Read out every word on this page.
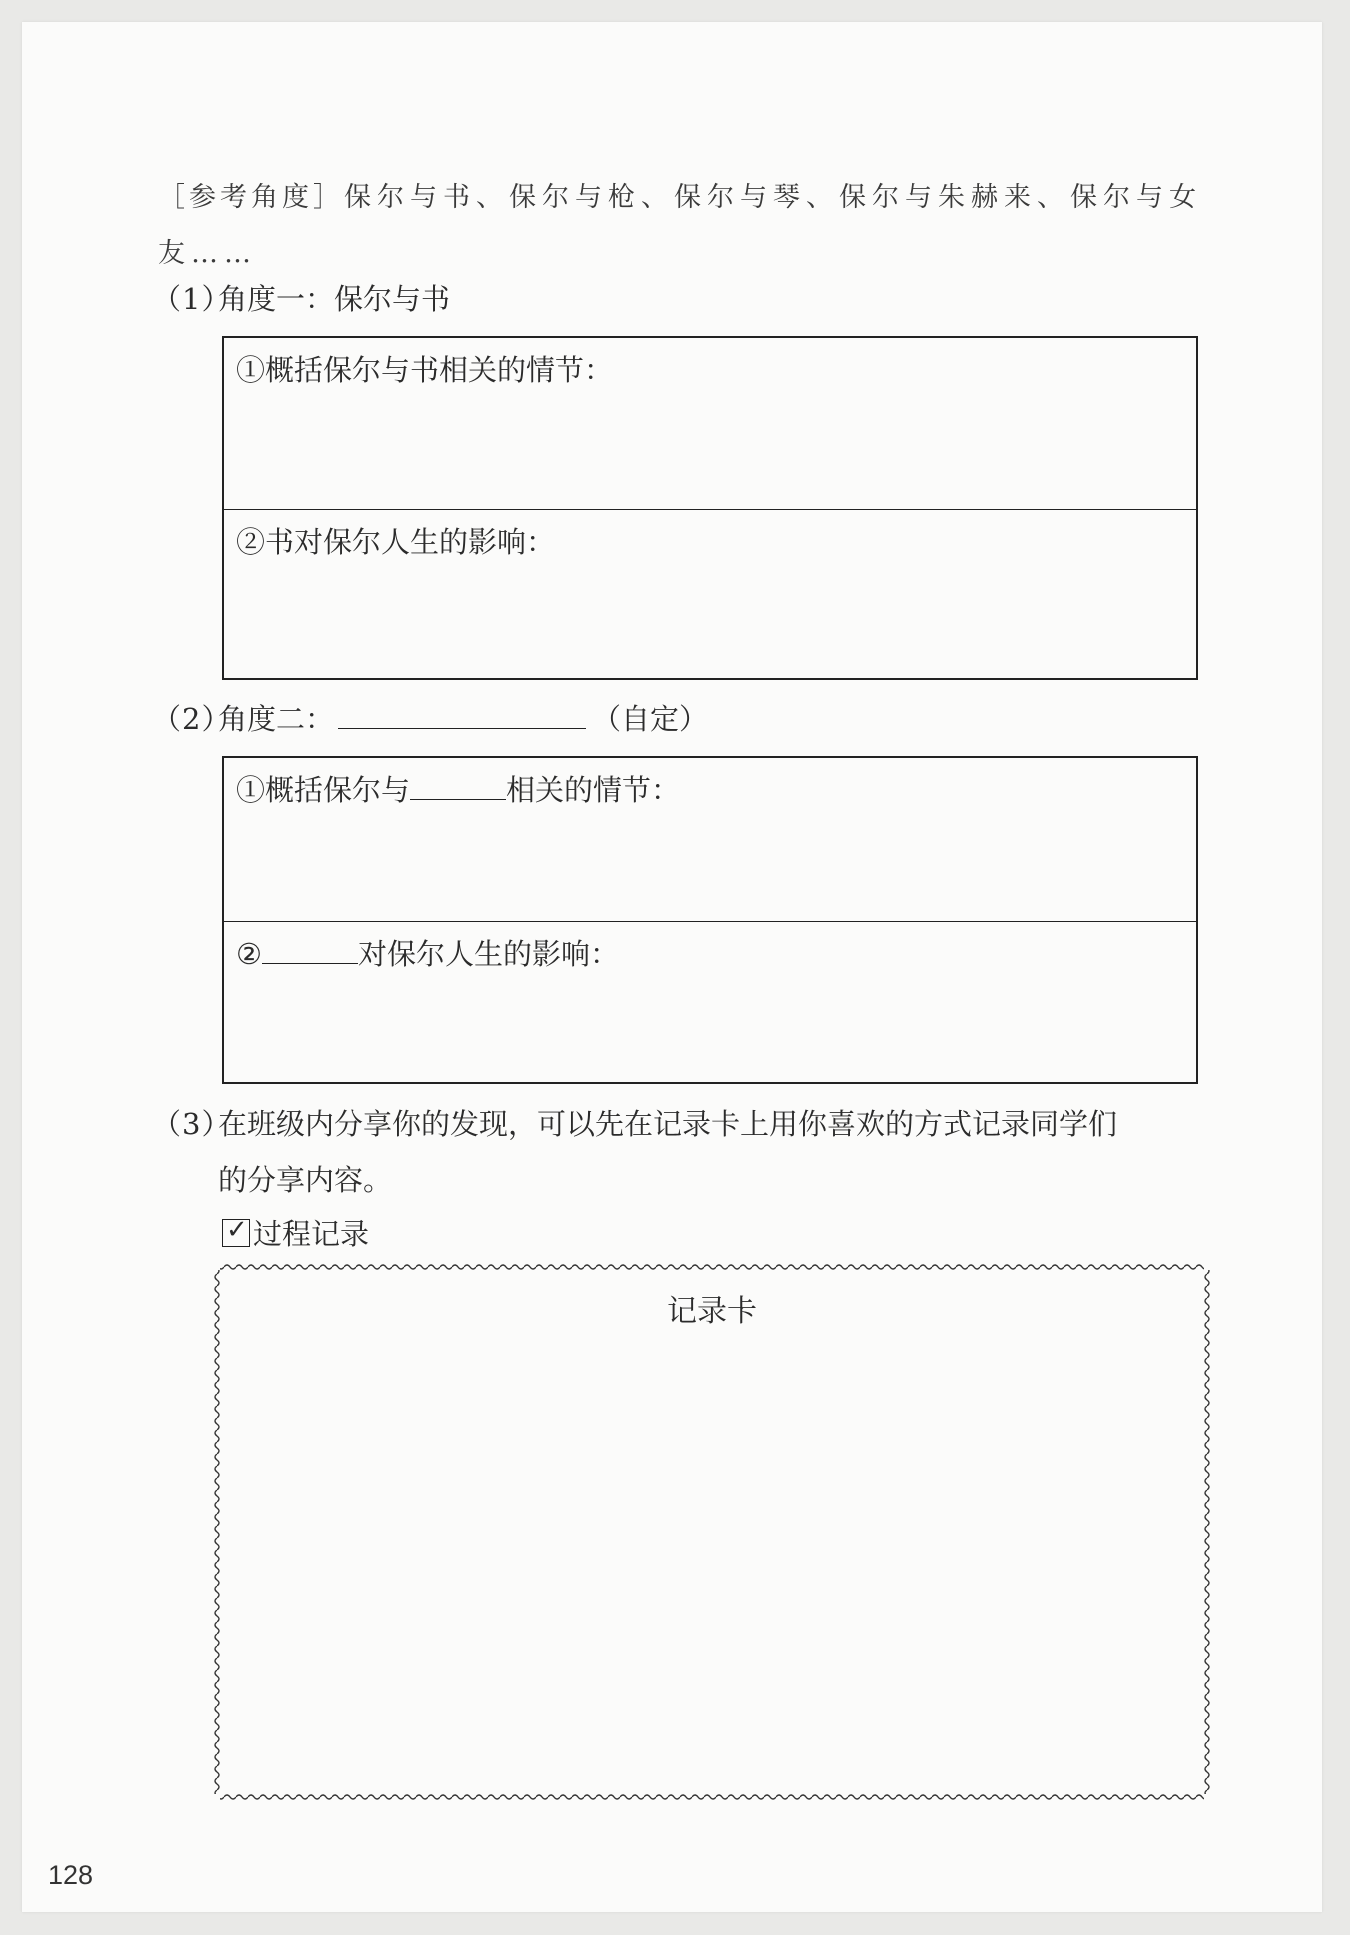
［参考角度］保尔与书、保尔与枪、保尔与琴、保尔与朱赫来、保尔与女友……
（1）角度一：保尔与书
①概括保尔与书相关的情节：
②书对保尔人生的影响：
（2）角度二：	（自定）
①概括保尔与	相关的情节：
②	对保尔人生的影响：
（3）在班级内分享你的发现，可以先在记录卡上用你喜欢的方式记录同学们
的分享内容。
✓ 过程记录
记录卡
128
